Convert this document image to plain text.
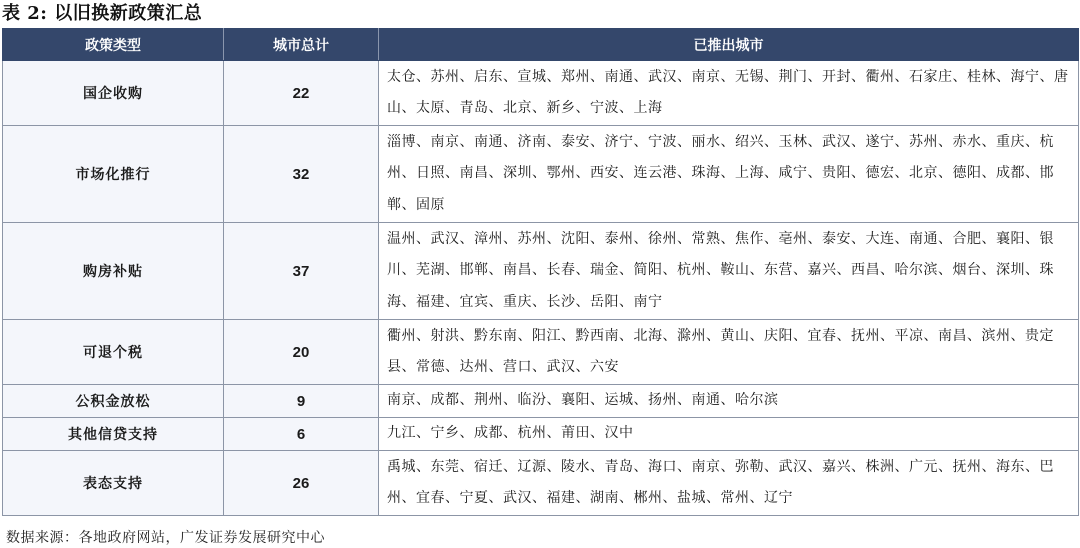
表 2: 以旧换新政策汇总
政策类型	城市总计	已推出城市
国企收购	22	太仓、苏州、启东、宣城、郑州、南通、武汉、南京、无锡、荆门、开封、衢州、石家庄、桂林、海宁、唐山、太原、青岛、北京、新乡、宁波、上海
市场化推行	32	淄博、南京、南通、济南、泰安、济宁、宁波、丽水、绍兴、玉林、武汉、遂宁、苏州、赤水、重庆、杭州、日照、南昌、深圳、鄂州、西安、连云港、珠海、上海、咸宁、贵阳、德宏、北京、德阳、成都、邯郸、固原
购房补贴	37	温州、武汉、漳州、苏州、沈阳、泰州、徐州、常熟、焦作、亳州、泰安、大连、南通、合肥、襄阳、银川、芜湖、邯郸、南昌、长春、瑞金、简阳、杭州、鞍山、东营、嘉兴、西昌、哈尔滨、烟台、深圳、珠海、福建、宜宾、重庆、长沙、岳阳、南宁
可退个税	20	衢州、射洪、黔东南、阳江、黔西南、北海、滁州、黄山、庆阳、宜春、抚州、平凉、南昌、滨州、贵定县、常德、达州、营口、武汉、六安
公积金放松	9	南京、成都、荆州、临汾、襄阳、运城、扬州、南通、哈尔滨
其他信贷支持	6	九江、宁乡、成都、杭州、莆田、汉中
表态支持	26	禹城、东莞、宿迁、辽源、陵水、青岛、海口、南京、弥勒、武汉、嘉兴、株洲、广元、抚州、海东、巴州、宜春、宁夏、武汉、福建、湖南、郴州、盐城、常州、辽宁
数据来源：各地政府网站，广发证券发展研究中心
